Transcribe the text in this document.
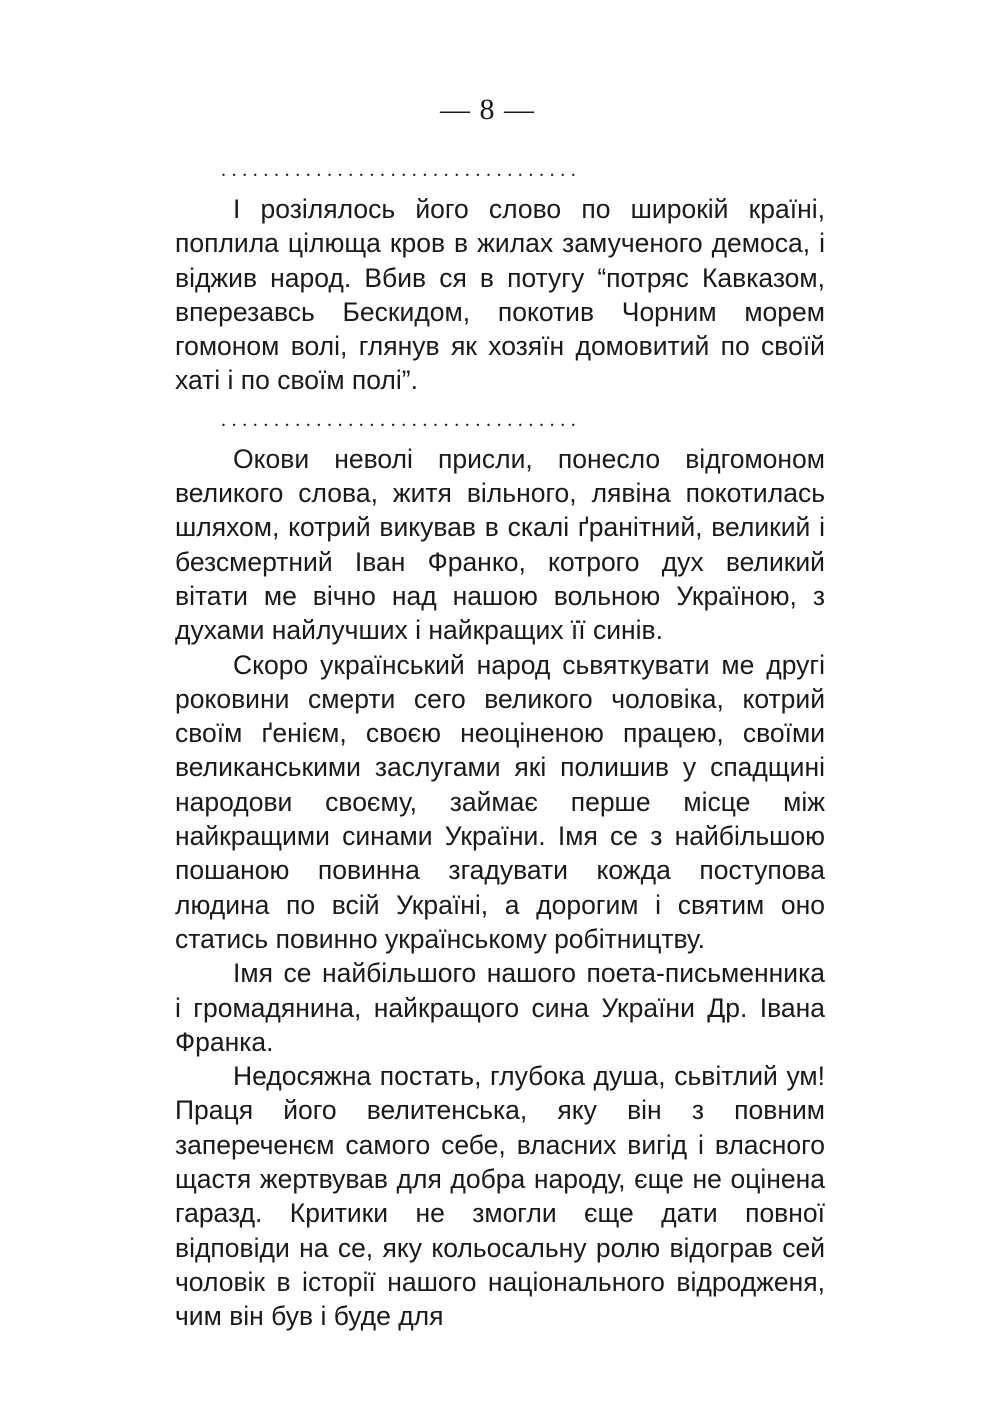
— 8 —
..................................

І розілялось його слово по широкій країні, поплила цілюща кров в жилах замученого демоса, і віджив народ. Вбив ся в потугу “потряс Кавказом, вперезавсь Бескидом, покотив Чорним морем гомоном волі, глянув як хозяїн домовитий по своїй хаті і по своїм полі”.

..................................

Окови неволі присли, понесло відгомоном великого слова, житя вільного, лявіна покотилась шляхом, котрий викував в скалі ґранітний, великий і безсмертний Іван Франко, котрого дух великий вітати ме вічно над нашою вольною Україною, з духами найлучших і найкращих її синів.

Скоро український народ сьвяткувати ме другі роковини смерти сего великого чоловіка, котрий своїм ґенієм, своєю неоціненою працею, своїми великанськими заслугами які полишив у спадщині народови своєму, займає перше місце між найкращими синами України. Імя се з найбільшою пошаною повинна згадувати кожда поступова людина по всій Україні, а дорогим і святим оно статись повинно українському робітництву.

Імя се найбільшого нашого поета-письменника і громадянина, найкращого сина України Др. Івана Франка.

Недосяжна постать, глубока душа, сьвітлий ум! Праця його велитенська, яку він з повним запереченєм самого себе, власних вигід і власного щастя жертвував для добра народу, єще не оцінена гаразд. Критики не змогли єще дати повної відповіди на се, яку кольосальну ролю відограв сей чоловік в історії нашого національного відродженя, чим він був і буде для
